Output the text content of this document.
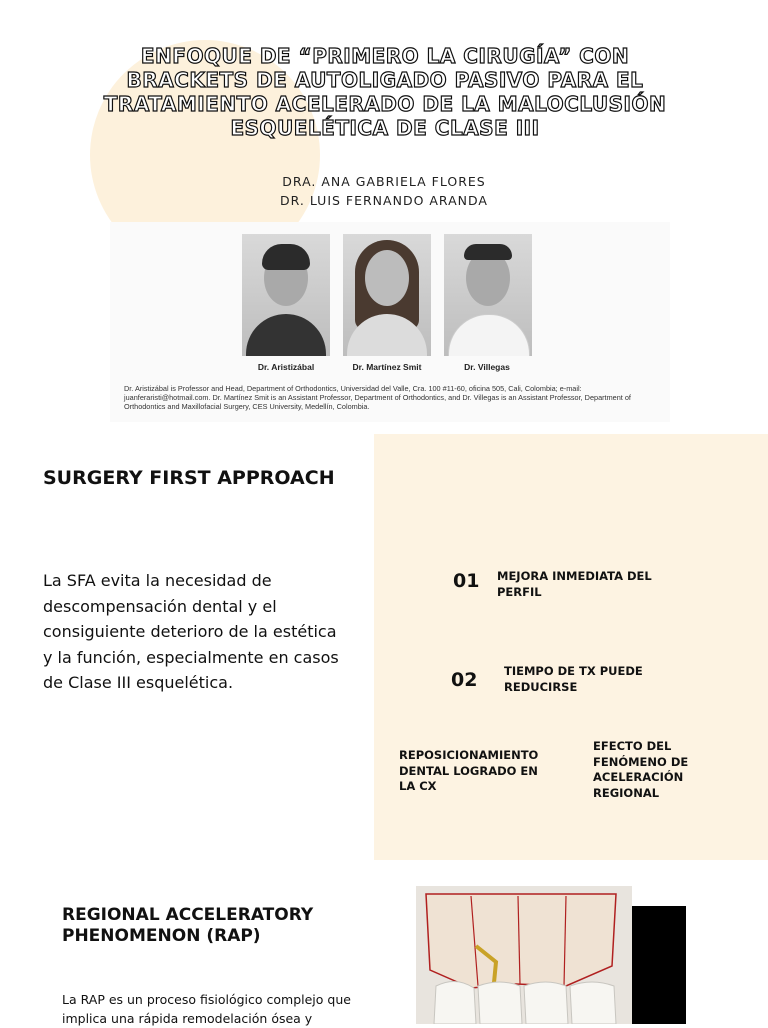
ENFOQUE DE “PRIMERO LA CIRUGÍA” CON BRACKETS DE AUTOLIGADO PASIVO PARA EL TRATAMIENTO ACELERADO DE LA MALOCLUSIÓN ESQUELÉTICA DE CLASE III
DRA. ANA GABRIELA FLORES
DR. LUIS FERNANDO ARANDA
Dr. Aristizábal	Dr. Martínez Smit	Dr. Villegas

Dr. Aristizábal is Professor and Head, Department of Orthodontics, Universidad del Valle, Cra. 100 #11-60, oficina 505, Cali, Colombia; e-mail: juanferaristi@hotmail.com. Dr. Martínez Smit is an Assistant Professor, Department of Orthodontics, and Dr. Villegas is an Assistant Professor, Department of Orthodontics and Maxillofacial Surgery, CES University, Medellín, Colombia.

SURGERY FIRST APPROACH

La SFA evita la necesidad de descompensación dental y el consiguiente deterioro de la estética y la función, especialmente en casos de Clase III esquelética.

01 MEJORA INMEDIATA DEL PERFIL

02 TIEMPO DE TX PUEDE REDUCIRSE

REPOSICIONAMIENTO DENTAL LOGRADO EN LA CX

EFECTO DEL FENÓMENO DE ACELERACIÓN REGIONAL

REGIONAL ACCELERATORY PHENOMENON (RAP)

La RAP es un proceso fisiológico complejo que implica una rápida remodelación ósea y
